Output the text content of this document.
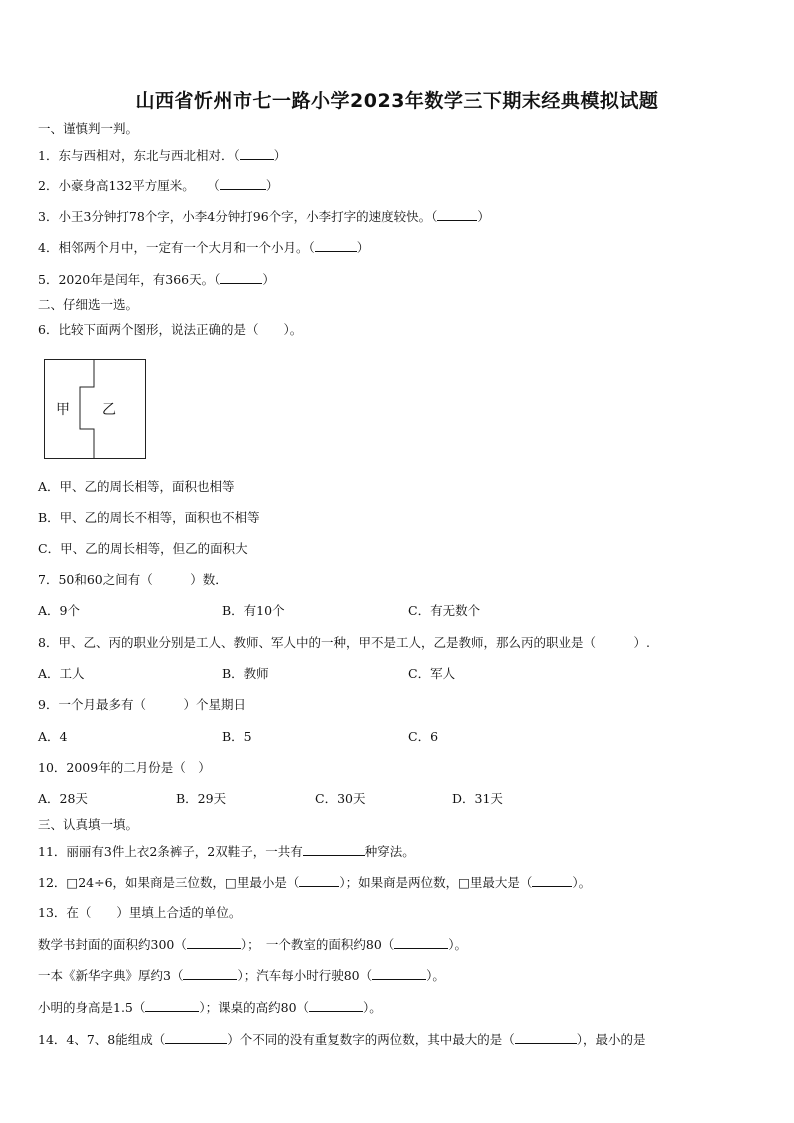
山西省忻州市七一路小学2023年数学三下期末经典模拟试题
一、谨慎判一判。
1．东与西相对，东北与西北相对．（	）
2．小豪身高132平方厘米。　　（	）
3．小王3分钟打78个字，小李4分钟打96个字，小李打字的速度较快。（	）
4．相邻两个月中，一定有一个大月和一个小月。（	）
5．2020年是闰年，有366天。（	）
二、仔细选一选。
6．比较下面两个图形，说法正确的是（　　）。
甲 乙
A．甲、乙的周长相等，面积也相等
B．甲、乙的周长不相等，面积也不相等
C．甲、乙的周长相等，但乙的面积大
7．50和60之间有（　　　）数．
A．9个	B．有10个	C．有无数个
8．甲、乙、丙的职业分别是工人、教师、军人中的一种，甲不是工人，乙是教师，那么丙的职业是（　　　）.
A．工人	B．教师	C．军人
9．一个月最多有（　　　）个星期日
A．4	B．5	C．6
10．2009年的二月份是（　）
A．28天	B．29天	C．30天	D．31天
三、认真填一填。
11．丽丽有3件上衣2条裤子，2双鞋子，一共有	种穿法。
12．□24÷6，如果商是三位数，□里最小是（	）；如果商是两位数，□里最大是（	）。
13．在（　　）里填上合适的单位。
数学书封面的面积约300（	）；　一个教室的面积约80（	）。
一本《新华字典》厚约3（	）；汽车每小时行驶80（	）。
小明的身高是1.5（	）；课桌的高约80（	）。
14．4、7、8能组成（	）个不同的没有重复数字的两位数，其中最大的是（	），最小的是
